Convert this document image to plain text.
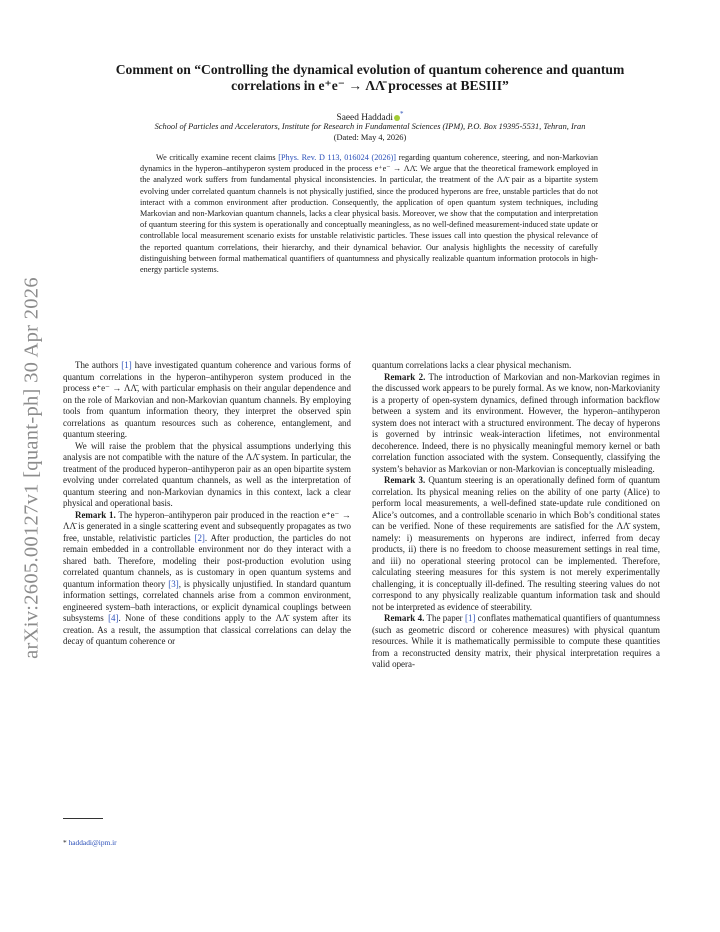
arXiv:2605.00127v1 [quant-ph] 30 Apr 2026
Comment on “Controlling the dynamical evolution of quantum coherence and quantum correlations in e⁺e⁻ → ΛΛ̄ processes at BESIII”
Saeed Haddadi *
School of Particles and Accelerators, Institute for Research in Fundamental Sciences (IPM), P.O. Box 19395-5531, Tehran, Iran
(Dated: May 4, 2026)

We critically examine recent claims [Phys. Rev. D 113, 016024 (2026)] regarding quantum coherence, steering, and non-Markovian dynamics in the hyperon–antihyperon system produced in the process e⁺e⁻ → ΛΛ̄. We argue that the theoretical framework employed in the analyzed work suffers from fundamental physical inconsistencies. In particular, the treatment of the ΛΛ̄ pair as a bipartite system evolving under correlated quantum channels is not physically justified, since the produced hyperons are free, unstable particles that do not interact with a common environment after production. Consequently, the application of open quantum system techniques, including Markovian and non-Markovian quantum channels, lacks a clear physical basis. Moreover, we show that the computation and interpretation of quantum steering for this system is operationally and conceptually meaningless, as no well-defined measurement-induced state update or controllable local measurement scenario exists for unstable relativistic particles. These issues call into question the physical relevance of the reported quantum correlations, their hierarchy, and their dynamical behavior. Our analysis highlights the necessity of carefully distinguishing between formal mathematical quantifiers of quantumness and physically realizable quantum information protocols in high-energy particle systems.

The authors [1] have investigated quantum coherence and various forms of quantum correlations in the hyperon–antihyperon system produced in the process e⁺e⁻ → ΛΛ̄, with particular emphasis on their angular dependence and on the role of Markovian and non-Markovian quantum channels. By employing tools from quantum information theory, they interpret the observed spin correlations as quantum resources such as coherence, entanglement, and quantum steering.

We will raise the problem that the physical assumptions underlying this analysis are not compatible with the nature of the ΛΛ̄ system. In particular, the treatment of the produced hyperon–antihyperon pair as an open bipartite system evolving under correlated quantum channels, as well as the interpretation of quantum steering and non-Markovian dynamics in this context, lack a clear physical and operational basis.

Remark 1. The hyperon–antihyperon pair produced in the reaction e⁺e⁻ → ΛΛ̄ is generated in a single scattering event and subsequently propagates as two free, unstable, relativistic particles [2]. After production, the particles do not remain embedded in a controllable environment nor do they interact with a shared bath. Therefore, modeling their post-production evolution using correlated quantum channels, as is customary in open quantum systems and quantum information theory [3], is physically unjustified. In standard quantum information settings, correlated channels arise from a common environment, engineered system–bath interactions, or explicit dynamical couplings between subsystems [4]. None of these conditions apply to the ΛΛ̄ system after its creation. As a result, the assumption that classical correlations can delay the decay of quantum coherence or

quantum correlations lacks a clear physical mechanism.

Remark 2. The introduction of Markovian and non-Markovian regimes in the discussed work appears to be purely formal. As we know, non-Markovianity is a property of open-system dynamics, defined through information backflow between a system and its environment. However, the hyperon–antihyperon system does not interact with a structured environment. The decay of hyperons is governed by intrinsic weak-interaction lifetimes, not environmental decoherence. Indeed, there is no physically meaningful memory kernel or bath correlation function associated with the system. Consequently, classifying the system’s behavior as Markovian or non-Markovian is conceptually misleading.

Remark 3. Quantum steering is an operationally defined form of quantum correlation. Its physical meaning relies on the ability of one party (Alice) to perform local measurements, a well-defined state-update rule conditioned on Alice’s outcomes, and a controllable scenario in which Bob’s conditional states can be verified. None of these requirements are satisfied for the ΛΛ̄ system, namely: i) measurements on hyperons are indirect, inferred from decay products, ii) there is no freedom to choose measurement settings in real time, and iii) no operational steering protocol can be implemented. Therefore, calculating steering measures for this system is not merely experimentally challenging, it is conceptually ill-defined. The resulting steering values do not correspond to any physically realizable quantum information task and should not be interpreted as evidence of steerability.

Remark 4. The paper [1] conflates mathematical quantifiers of quantumness (such as geometric discord or coherence measures) with physical quantum resources. While it is mathematically permissible to compute these quantities from a reconstructed density matrix, their physical interpretation requires a valid opera-

* haddadi@ipm.ir
